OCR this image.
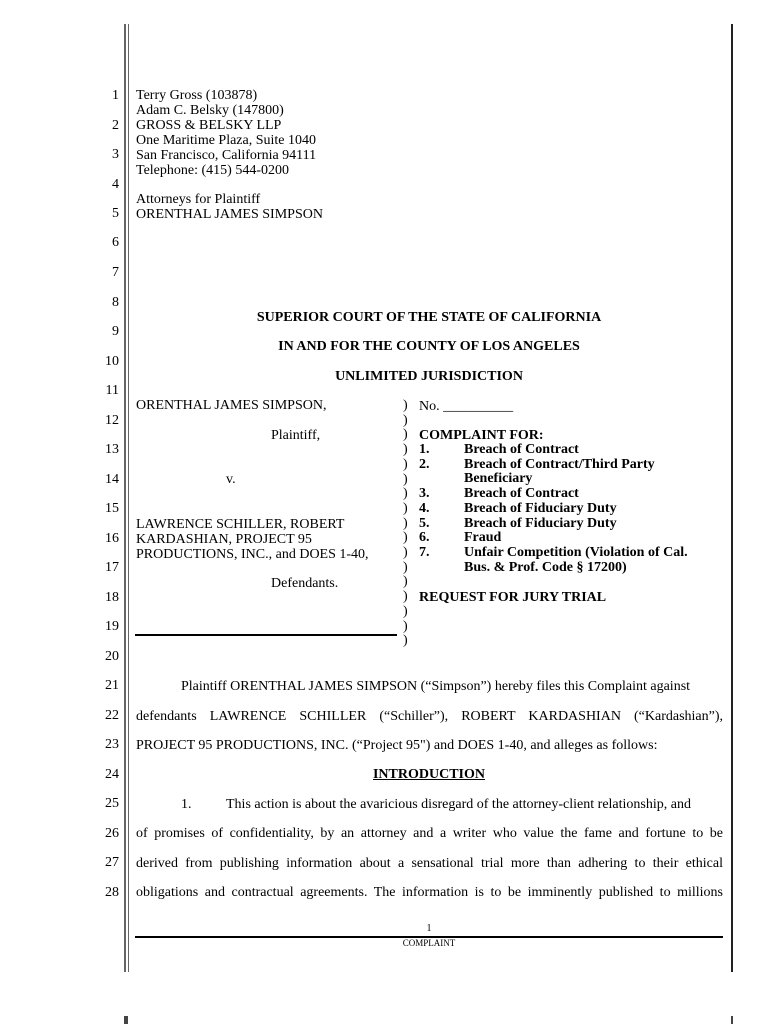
1
2
3
4
5
6
7
8
9
10
11
12
13
14
15
16
17
18
19
20
21
22
23
24
25
26
27
28
Terry Gross (103878)
Adam C. Belsky (147800)
GROSS & BELSKY LLP
One Maritime Plaza, Suite 1040
San Francisco, California 94111
Telephone: (415) 544-0200
Attorneys for Plaintiff
ORENTHAL JAMES SIMPSON
SUPERIOR COURT OF THE STATE OF CALIFORNIA
IN AND FOR THE COUNTY OF LOS ANGELES
UNLIMITED JURISDICTION
ORENTHAL JAMES SIMPSON,
Plaintiff,
v.
LAWRENCE SCHILLER, ROBERT
KARDASHIAN, PROJECT 95
PRODUCTIONS, INC., and DOES 1-40,
Defendants.
)
)
)
)
)
)
)
)
)
)
)
)
)
)
)
)
)
No. __________
COMPLAINT FOR:
1. Breach of Contract
2. Breach of Contract/Third Party
Beneficiary
3. Breach of Contract
4. Breach of Fiduciary Duty
5. Breach of Fiduciary Duty
6. Fraud
7. Unfair Competition (Violation of Cal.
Bus. & Prof. Code § 17200)
REQUEST FOR JURY TRIAL
Plaintiff ORENTHAL JAMES SIMPSON (“Simpson”) hereby files this Complaint against
defendants LAWRENCE SCHILLER (“Schiller”), ROBERT KARDASHIAN (“Kardashian”),
PROJECT 95 PRODUCTIONS, INC. (“Project 95") and DOES 1-40, and alleges as follows:
INTRODUCTION
1. This action is about the avaricious disregard of the attorney-client relationship, and
of promises of confidentiality, by an attorney and a writer who value the fame and fortune to be
derived from publishing information about a sensational trial more than adhering to their ethical
obligations and contractual agreements. The information is to be imminently published to millions
1
COMPLAINT
